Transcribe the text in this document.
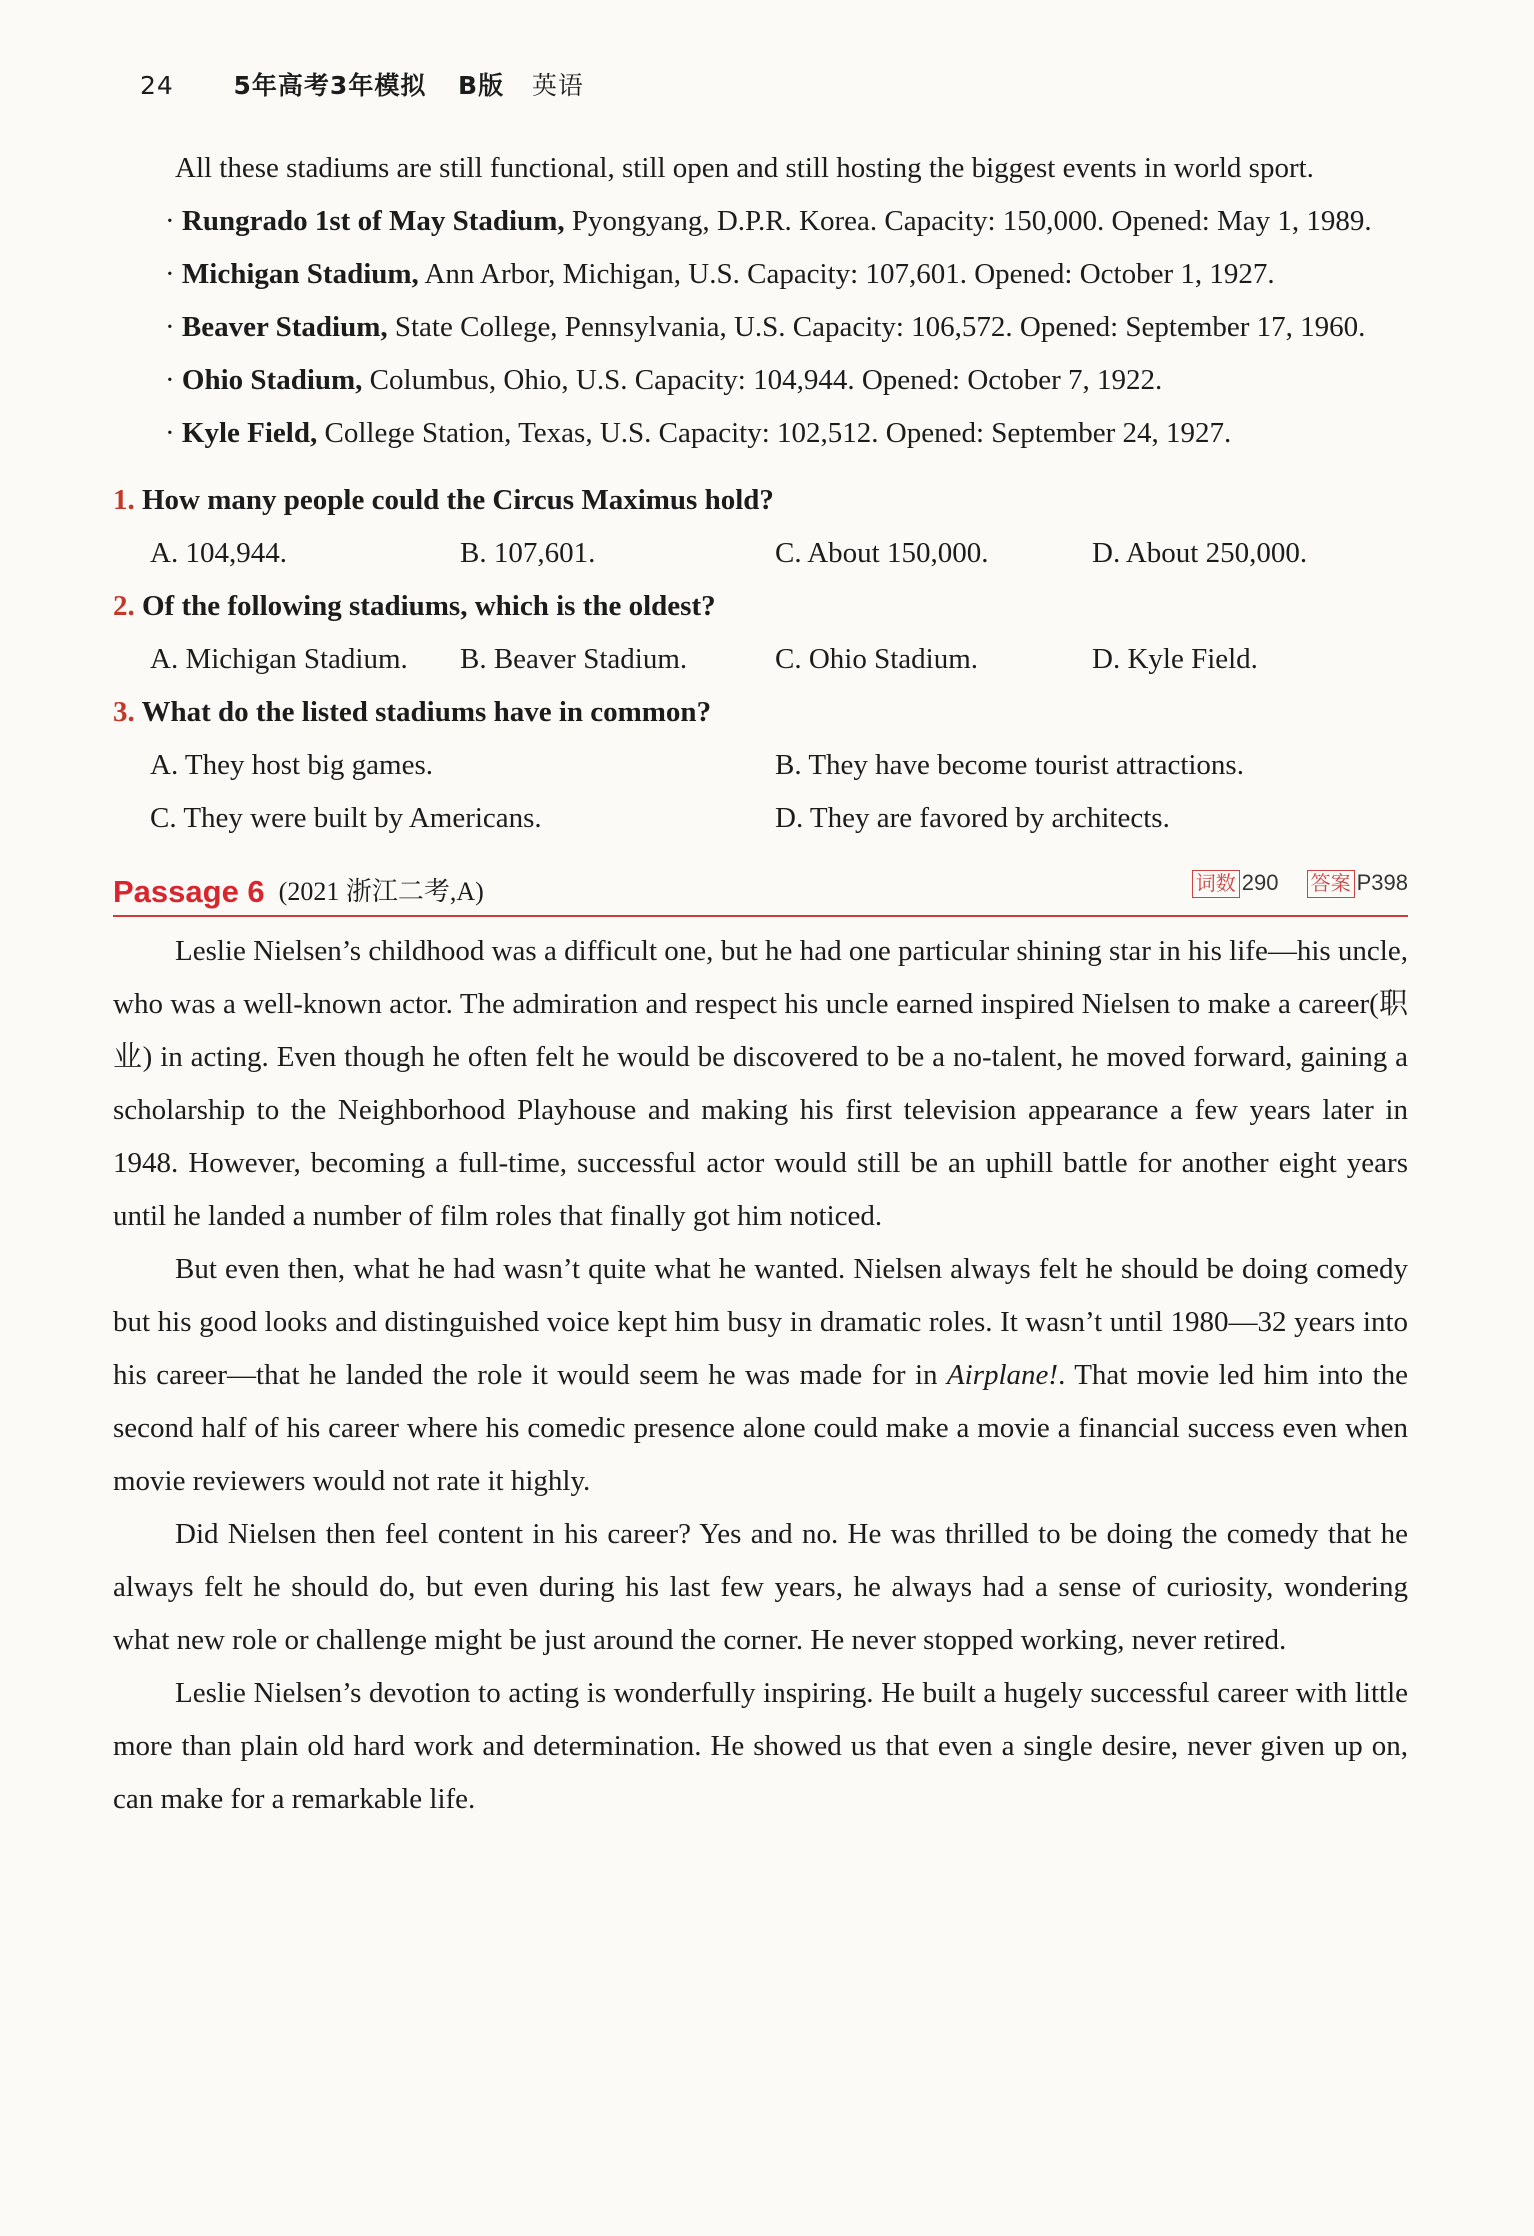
24 5年高考3年模拟 B版 英语

All these stadiums are still functional, still open and still hosting the biggest events in world sport.

· Rungrado 1st of May Stadium, Pyongyang, D.P.R. Korea. Capacity: 150,000. Opened: May 1, 1989.

· Michigan Stadium, Ann Arbor, Michigan, U.S. Capacity: 107,601. Opened: October 1, 1927.

· Beaver Stadium, State College, Pennsylvania, U.S. Capacity: 106,572. Opened: September 17, 1960.

· Ohio Stadium, Columbus, Ohio, U.S. Capacity: 104,944. Opened: October 7, 1922.

· Kyle Field, College Station, Texas, U.S. Capacity: 102,512. Opened: September 24, 1927.

1. How many people could the Circus Maximus hold?

A. 104,944.	B. 107,601.	C. About 150,000.	D. About 250,000.

2. Of the following stadiums, which is the oldest?

A. Michigan Stadium.	B. Beaver Stadium.	C. Ohio Stadium.	D. Kyle Field.

3. What do the listed stadiums have in common?

A. They host big games.	B. They have become tourist attractions.
C. They were built by Americans.	D. They are favored by architects.
Passage 6 (2021 浙江二考,A)	词数 290 答案 P398

Leslie Nielsen’s childhood was a difficult one, but he had one particular shining star in his life—his uncle, who was a well-known actor. The admiration and respect his uncle earned inspired Nielsen to make a career(职业) in acting. Even though he often felt he would be discovered to be a no-talent, he moved forward, gaining a scholarship to the Neighborhood Playhouse and making his first television appearance a few years later in 1948. However, becoming a full-time, successful actor would still be an uphill battle for another eight years until he landed a number of film roles that finally got him noticed.

But even then, what he had wasn’t quite what he wanted. Nielsen always felt he should be doing comedy but his good looks and distinguished voice kept him busy in dramatic roles. It wasn’t until 1980—32 years into his career—that he landed the role it would seem he was made for in Airplane!. That movie led him into the second half of his career where his comedic presence alone could make a movie a financial success even when movie reviewers would not rate it highly.

Did Nielsen then feel content in his career? Yes and no. He was thrilled to be doing the comedy that he always felt he should do, but even during his last few years, he always had a sense of curiosity, wondering what new role or challenge might be just around the corner. He never stopped working, never retired.

Leslie Nielsen’s devotion to acting is wonderfully inspiring. He built a hugely successful career with little more than plain old hard work and determination. He showed us that even a single desire, never given up on, can make for a remarkable life.
